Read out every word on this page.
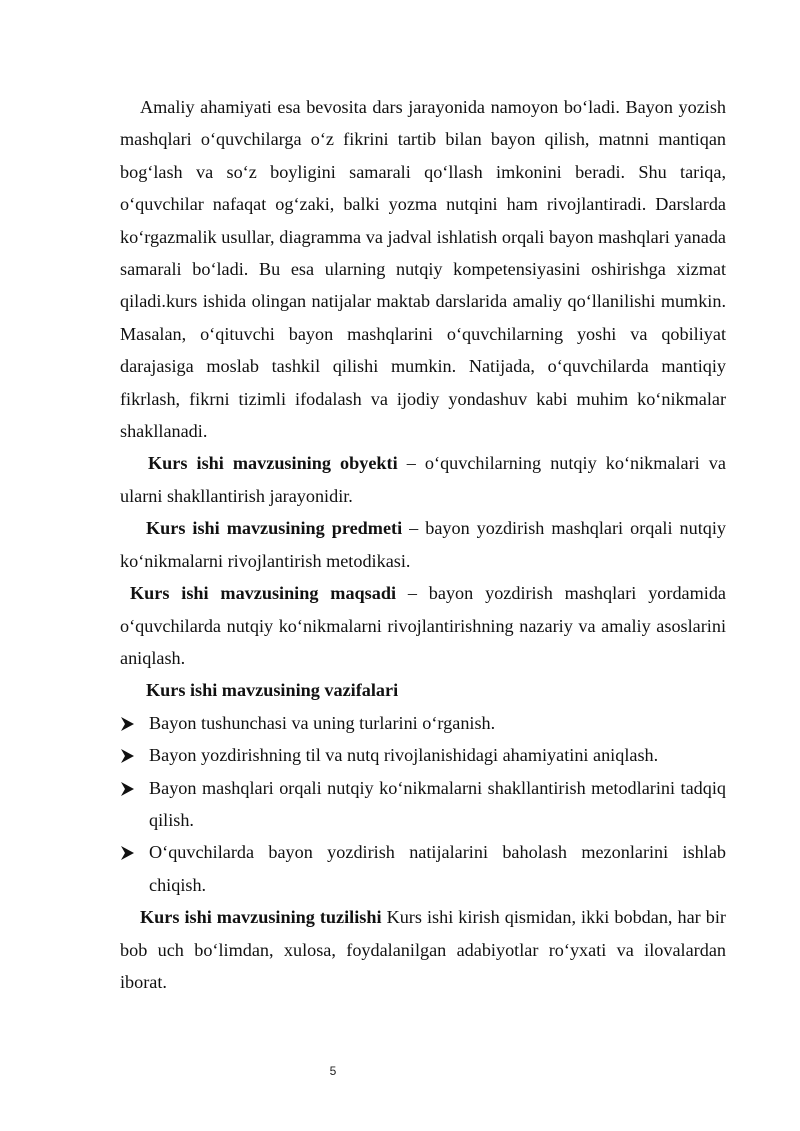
Amaliy ahamiyati esa bevosita dars jarayonida namoyon bo‘ladi. Bayon yozish mashqlari o‘quvchilarga o‘z fikrini tartib bilan bayon qilish, matnni mantiqan bog‘lash va so‘z boyligini samarali qo‘llash imkonini beradi. Shu tariqa, o‘quvchilar nafaqat og‘zaki, balki yozma nutqini ham rivojlantiradi. Darslarda ko‘rgazmalik usullar, diagramma va jadval ishlatish orqali bayon mashqlari yanada samarali bo‘ladi. Bu esa ularning nutqiy kompetensiyasini oshirishga xizmat qiladi.kurs ishida olingan natijalar maktab darslarida amaliy qo‘llanilishi mumkin. Masalan, o‘qituvchi bayon mashqlarini o‘quvchilarning yoshi va qobiliyat darajasiga moslab tashkil qilishi mumkin. Natijada, o‘quvchilarda mantiqiy fikrlash, fikrni tizimli ifodalash va ijodiy yondashuv kabi muhim ko‘nikmalar shakllanadi.

Kurs ishi mavzusining obyekti – o‘quvchilarning nutqiy ko‘nikmalari va ularni shakllantirish jarayonidir.

Kurs ishi mavzusining predmeti – bayon yozdirish mashqlari orqali nutqiy ko‘nikmalarni rivojlantirish metodikasi.

Kurs ishi mavzusining maqsadi – bayon yozdirish mashqlari yordamida o‘quvchilarda nutqiy ko‘nikmalarni rivojlantirishning nazariy va amaliy asoslarini aniqlash.

Kurs ishi mavzusining vazifalari

Bayon tushunchasi va uning turlarini o‘rganish.
Bayon yozdirishning til va nutq rivojlanishidagi ahamiyatini aniqlash.
Bayon mashqlari orqali nutqiy ko‘nikmalarni shakllantirish metodlarini tadqiq qilish.
O‘quvchilarda bayon yozdirish natijalarini baholash mezonlarini ishlab chiqish.

Kurs ishi mavzusining tuzilishi Kurs ishi kirish qismidan, ikki bobdan, har bir bob uch bo‘limdan, xulosa, foydalanilgan adabiyotlar ro‘yxati va ilovalardan iborat.

5
